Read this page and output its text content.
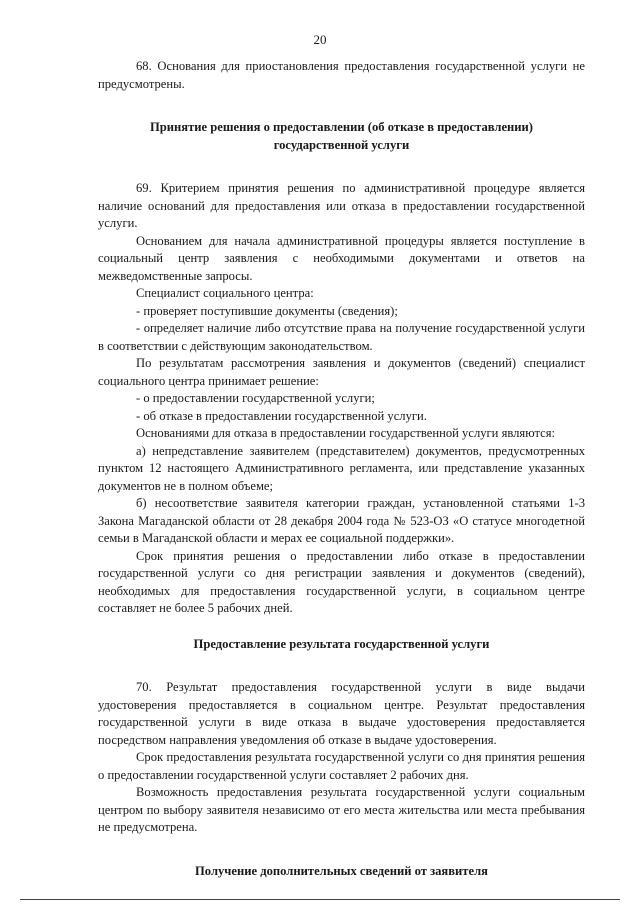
20

68. Основания для приостановления предоставления государственной услуги не предусмотрены.

Принятие решения о предоставлении (об отказе в предоставлении) государственной услуги

69. Критерием принятия решения по административной процедуре является наличие оснований для предоставления или отказа в предоставлении государственной услуги.

Основанием для начала административной процедуры является поступление в социальный центр заявления с необходимыми документами и ответов на межведомственные запросы.

Специалист социального центра:

- проверяет поступившие документы (сведения);

- определяет наличие либо отсутствие права на получение государственной услуги в соответствии с действующим законодательством.

По результатам рассмотрения заявления и документов (сведений) специалист социального центра принимает решение:

- о предоставлении государственной услуги;

- об отказе в предоставлении государственной услуги.

Основаниями для отказа в предоставлении государственной услуги являются:

а) непредставление заявителем (представителем) документов, предусмотренных пунктом 12 настоящего Административного регламента, или представление указанных документов не в полном объеме;

б) несоответствие заявителя категории граждан, установленной статьями 1-3 Закона Магаданской области от 28 декабря 2004 года № 523-ОЗ «О статусе многодетной семьи в Магаданской области и мерах ее социальной поддержки».

Срок принятия решения о предоставлении либо отказе в предоставлении государственной услуги со дня регистрации заявления и документов (сведений), необходимых для предоставления государственной услуги, в социальном центре составляет не более 5 рабочих дней.

Предоставление результата государственной услуги

70. Результат предоставления государственной услуги в виде выдачи удостоверения предоставляется в социальном центре. Результат предоставления государственной услуги в виде отказа в выдаче удостоверения предоставляется посредством направления уведомления об отказе в выдаче удостоверения.

Срок предоставления результата государственной услуги со дня принятия решения о предоставлении государственной услуги составляет 2 рабочих дня.

Возможность предоставления результата государственной услуги социальным центром по выбору заявителя независимо от его места жительства или места пребывания не предусмотрена.

Получение дополнительных сведений от заявителя
